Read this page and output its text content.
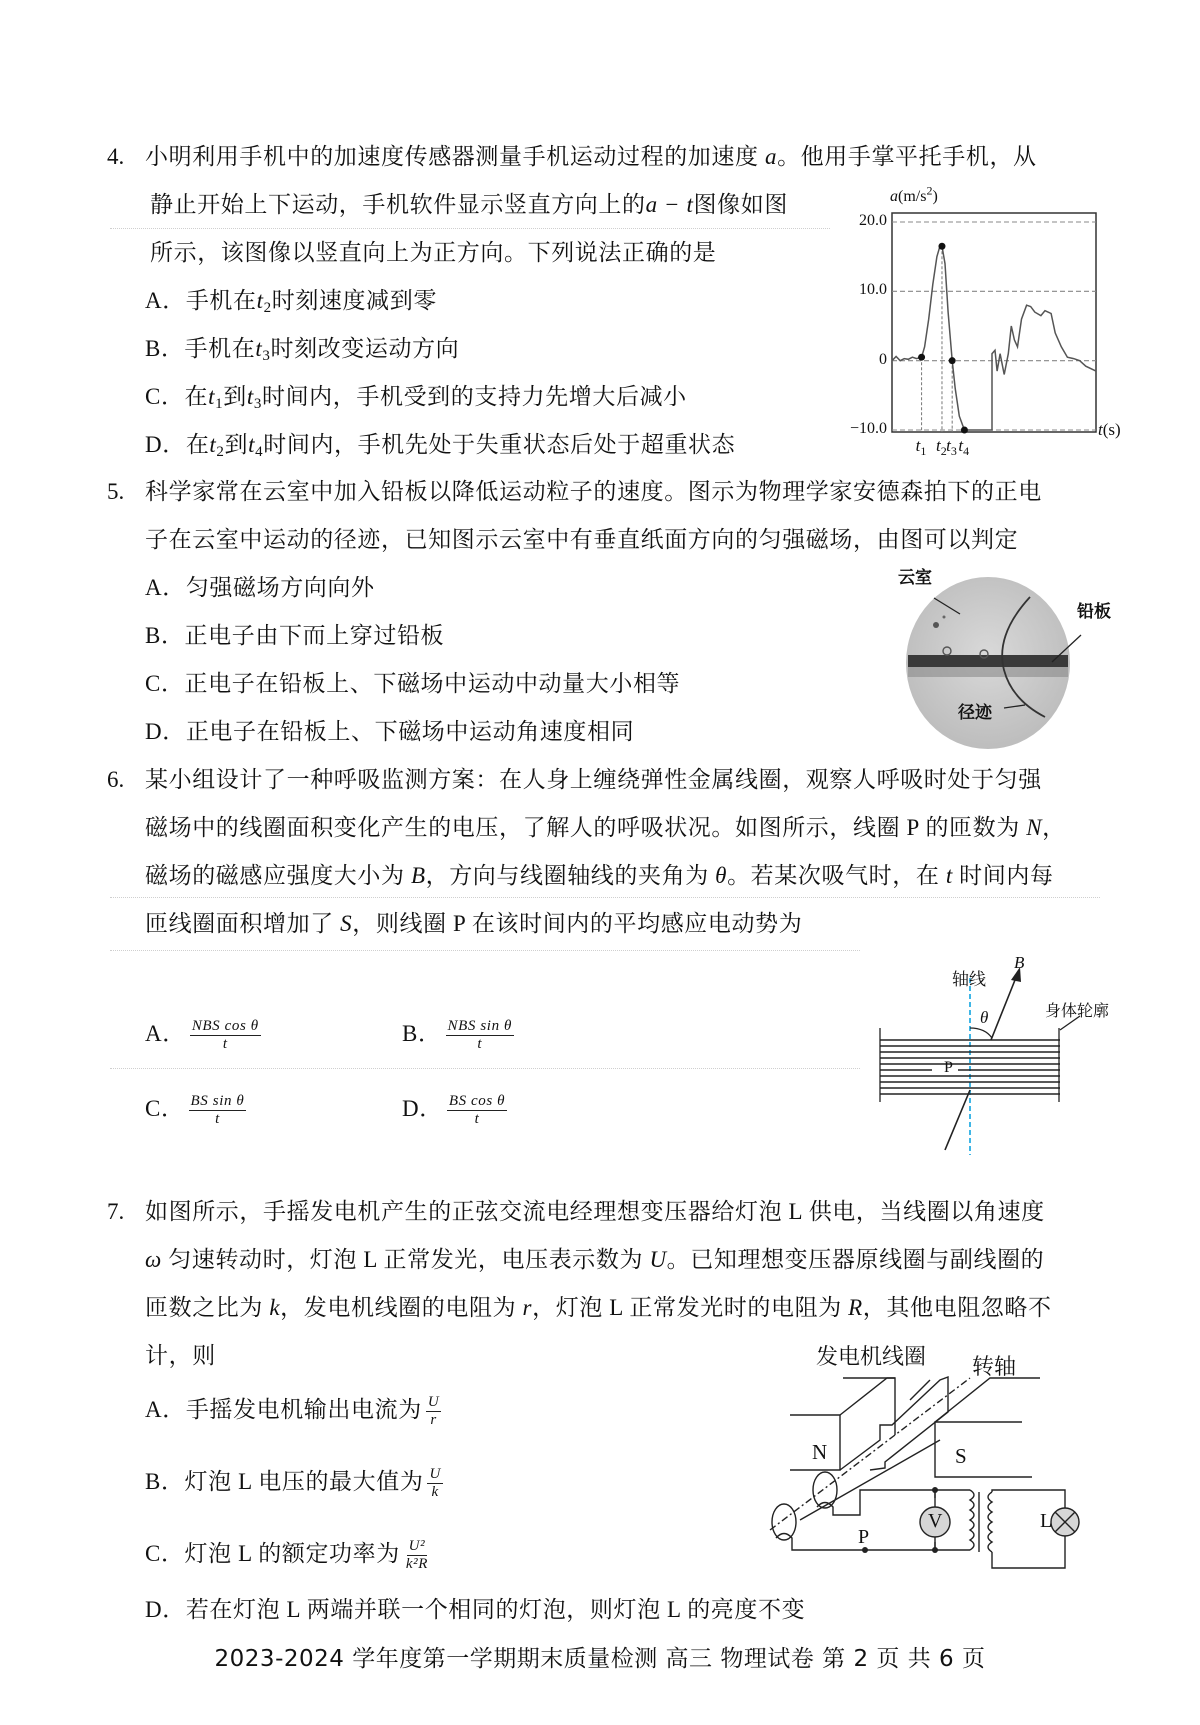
4. 小明利用手机中的加速度传感器测量手机运动过程的加速度 a。他用手掌平托手机，从
静止开始上下运动，手机软件显示竖直方向上的a − t图像如图
所示，该图像以竖直向上为正方向。下列说法正确的是
A．手机在$t_2$时刻速度减到零
B．手机在$t_3$时刻改变运动方向
C．在$t_1$到$t_3$时间内，手机受到的支持力先增大后减小
D．在$t_2$到$t_4$时间内，手机先处于失重状态后处于超重状态
$a(m/s^2)$
t(s)
20.0
10.0
0
−10.0
$t_1$ $t_2$ $t_3$ $t_4$
5. 科学家常在云室中加入铅板以降低运动粒子的速度。图示为物理学家安德森拍下的正电
子在云室中运动的径迹，已知图示云室中有垂直纸面方向的匀强磁场，由图可以判定
A．匀强磁场方向向外
B．正电子由下而上穿过铅板
C．正电子在铅板上、下磁场中运动中动量大小相等
D．正电子在铅板上、下磁场中运动角速度相同
云室
铅板
径迹
6. 某小组设计了一种呼吸监测方案：在人身上缠绕弹性金属线圈，观察人呼吸时处于匀强
磁场中的线圈面积变化产生的电压，了解人的呼吸状况。如图所示，线圈 P 的匝数为 N，
磁场的磁感应强度大小为 B，方向与线圈轴线的夹角为 θ。若某次吸气时，在 t 时间内每
匝线圈面积增加了 S，则线圈 P 在该时间内的平均感应电动势为
A． $\frac{\text{NBS cos θ}}{t}$	B． $\frac{\text{NBS sin θ}}{t}$
C． $\frac{\text{BS sin θ}}{t}$	D． $\frac{\text{BS cos θ}}{t}$
轴线
B
θ	身体轮廓
P
7. 如图所示，手摇发电机产生的正弦交流电经理想变压器给灯泡 L 供电，当线圈以角速度
ω 匀速转动时，灯泡 L 正常发光，电压表示数为 U。已知理想变压器原线圈与副线圈的
匝数之比为 k，发电机线圈的电阻为 r，灯泡 L 正常发光时的电阻为 R，其他电阻忽略不
计，则
A．手摇发电机输出电流为 $\frac{U}{r}$
B．灯泡 L 电压的最大值为 $\frac{U}{k}$
C．灯泡 L 的额定功率为 $\frac{\text{U²}}{\text{k²R}}$
D．若在灯泡 L 两端并联一个相同的灯泡，则灯泡 L 的亮度不变
发电机线圈 转轴
N	S
V
P
L
2023-2024 学年度第一学期期末质量检测 高三 物理试卷 第 2 页 共 6 页
